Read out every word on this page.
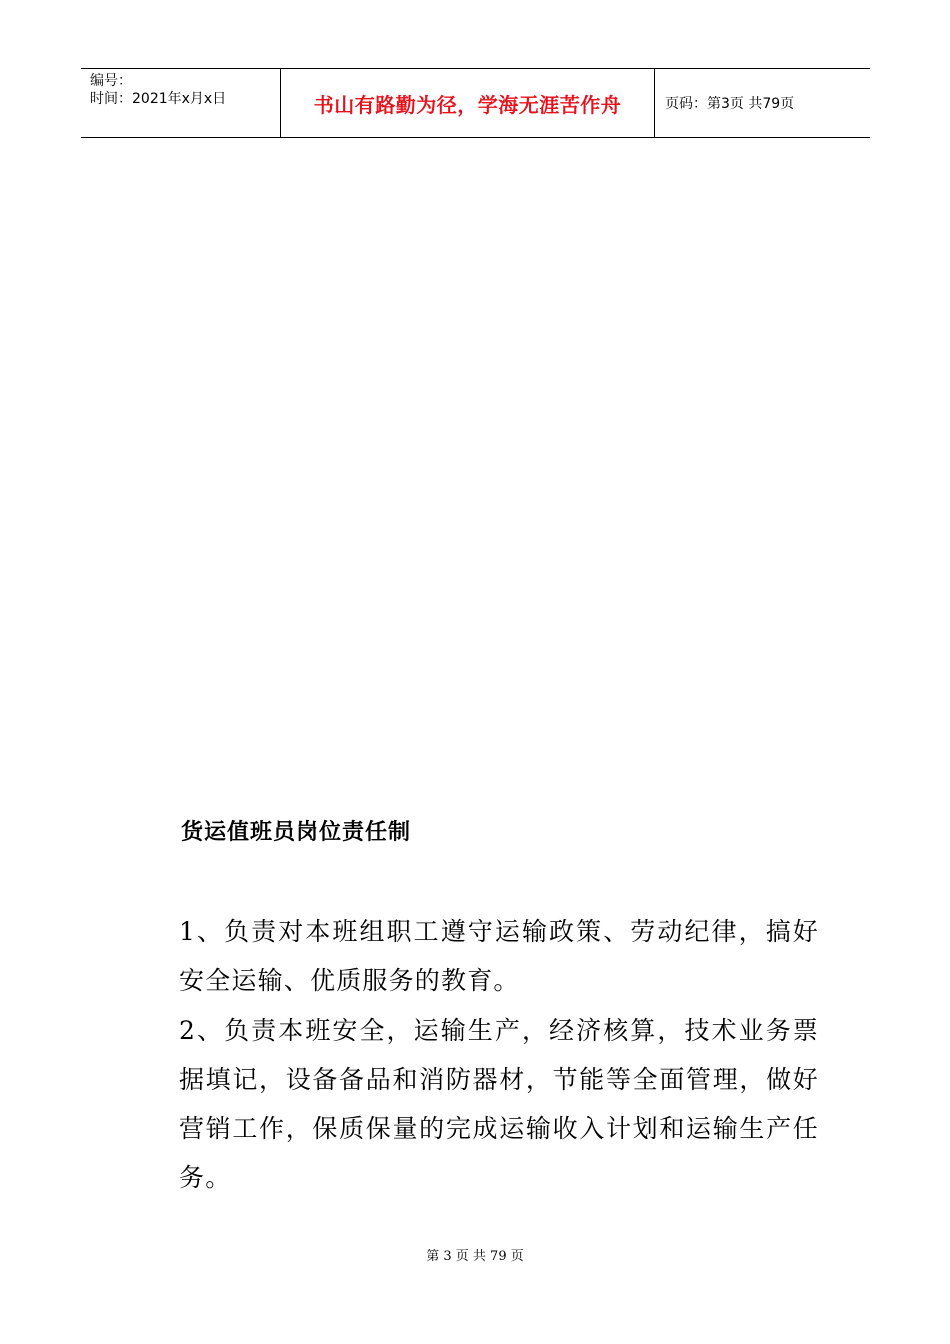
编号：
时间：2021年x月x日	书山有路勤为径，学海无涯苦作舟	页码：第3页 共79页
货运值班员岗位责任制
1、负责对本班组职工遵守运输政策、劳动纪律，搞好 安全运输、优质服务的教育。
2、负责本班安全，运输生产，经济核算，技术业务票据填记，设备备品和消防器材，节能等全面管理，做好营销工作，保质保量的完成运输收入计划和运输生产任务。
第 3 页 共 79 页
